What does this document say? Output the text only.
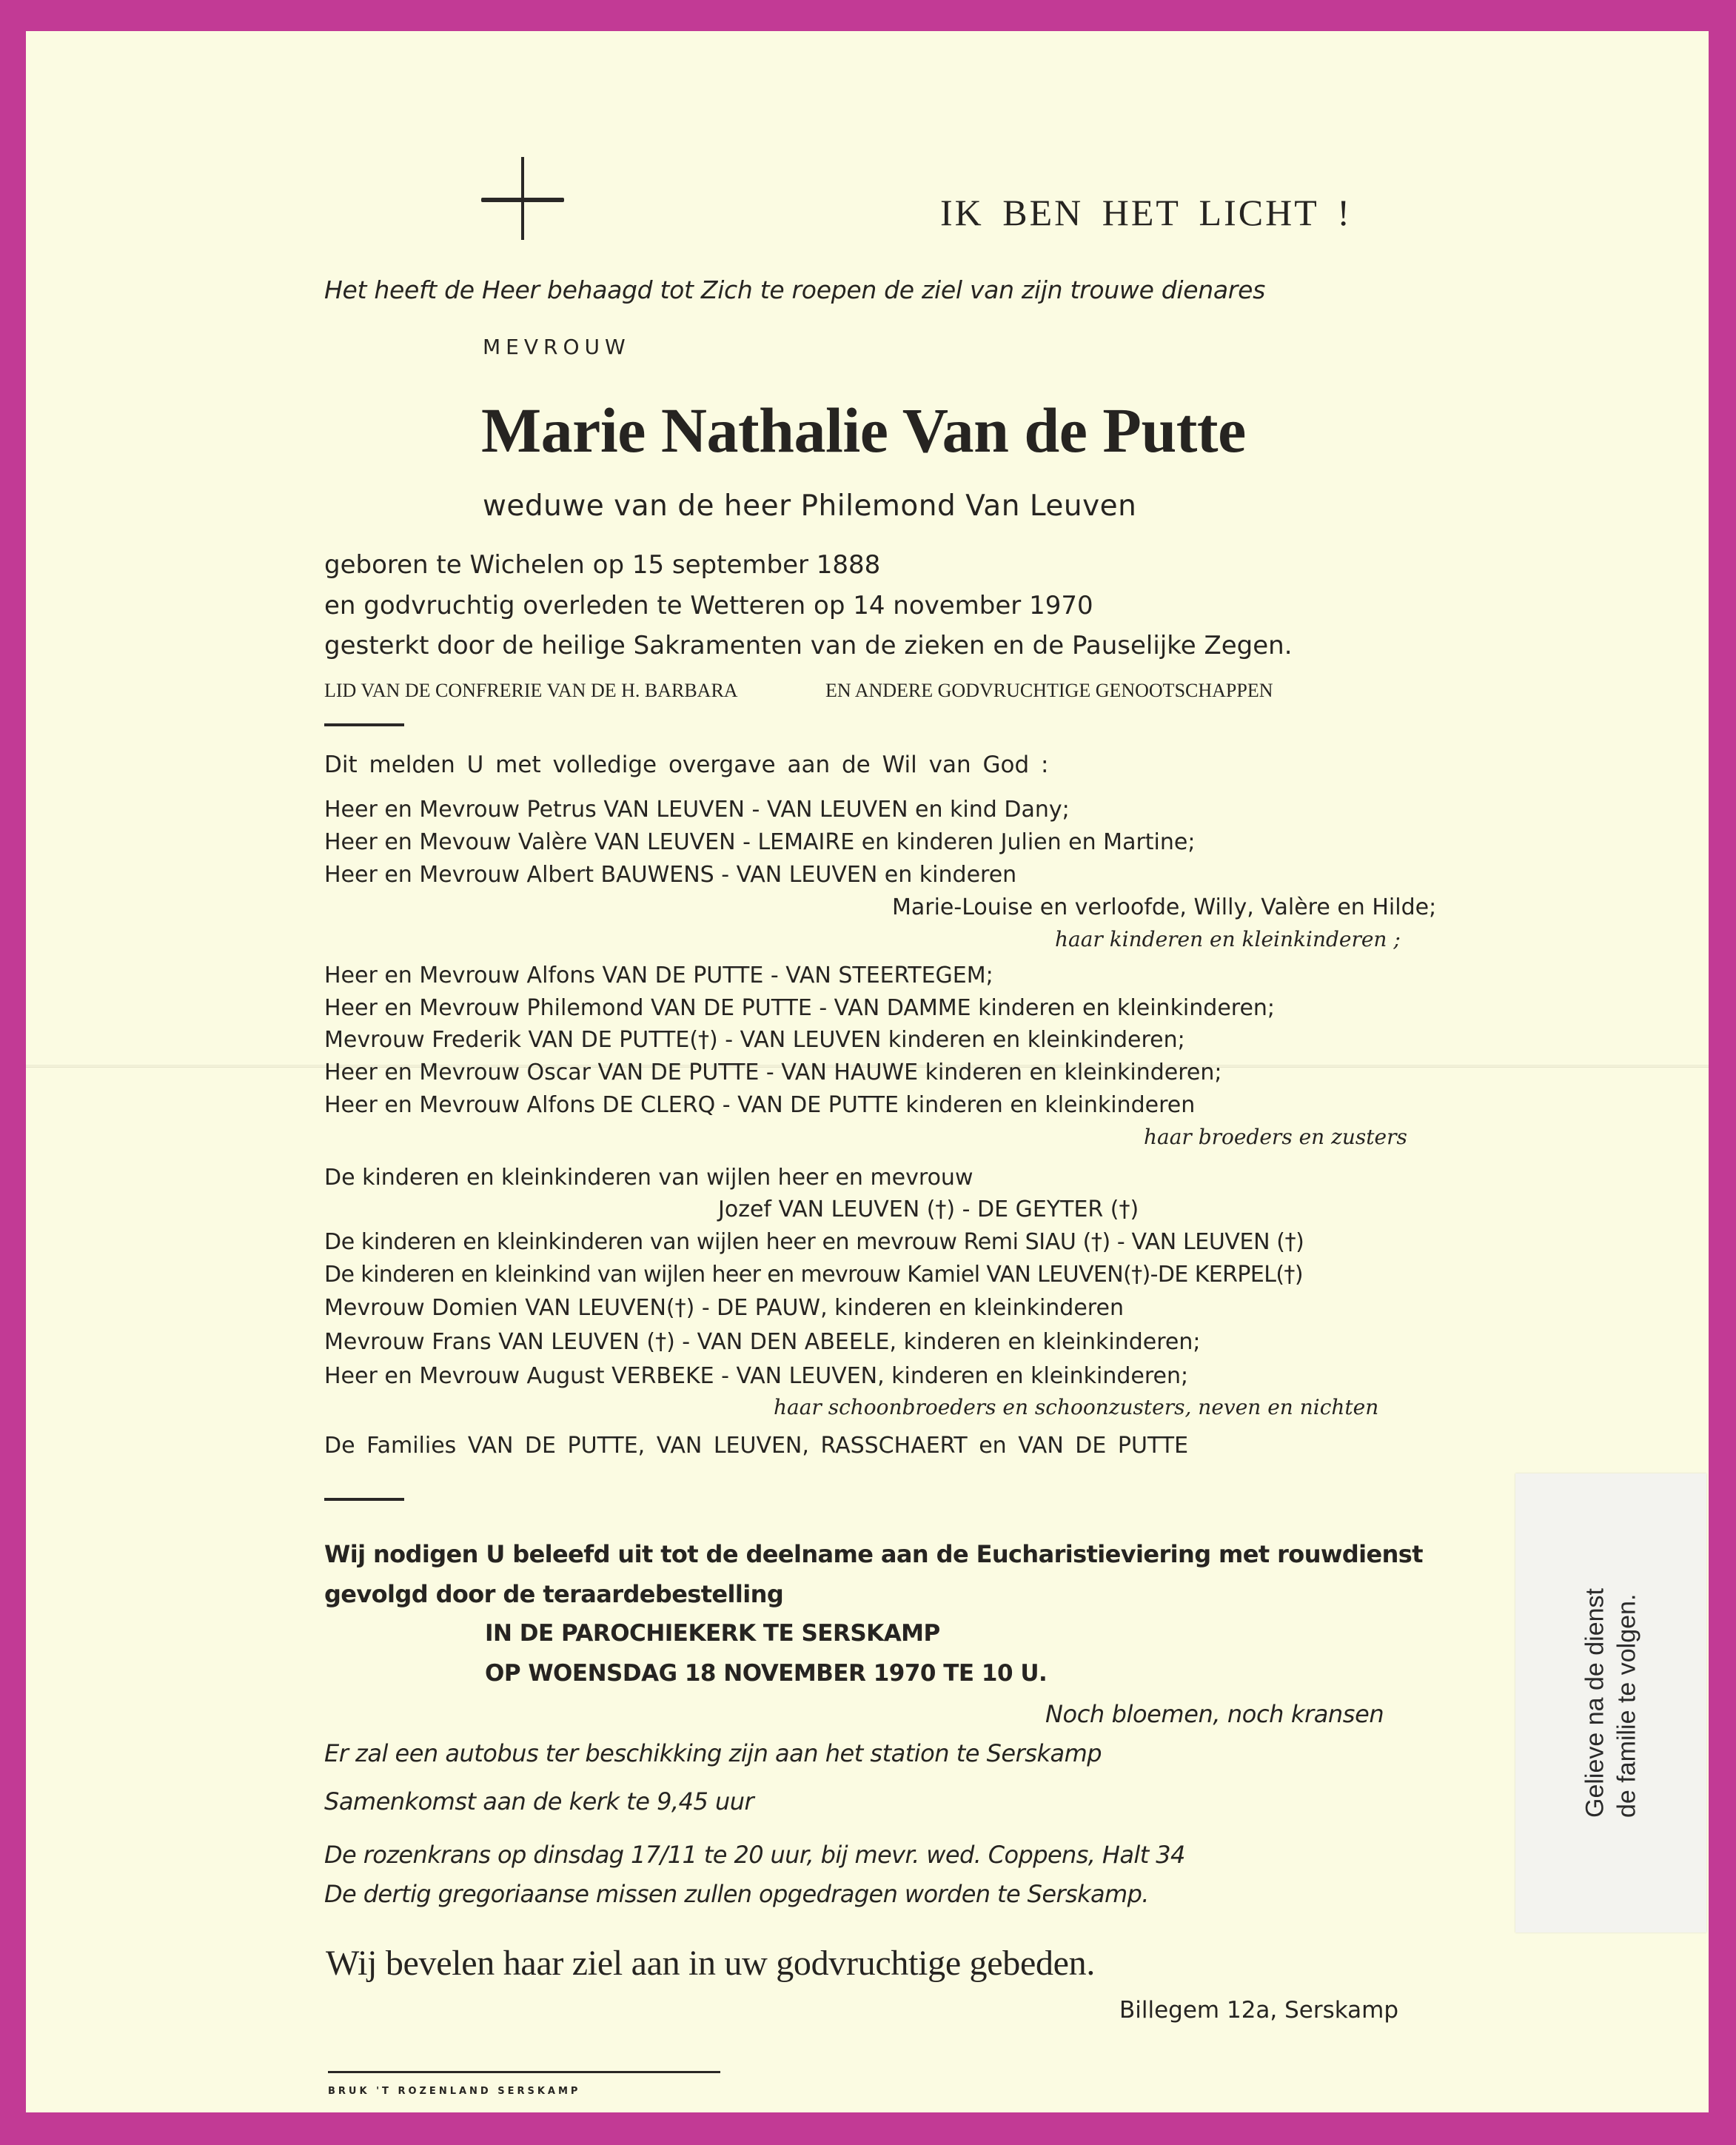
IK BEN HET LICHT !
Het heeft de Heer behaagd tot Zich te roepen de ziel van zijn trouwe dienares
MEVROUW
Marie Nathalie Van de Putte
weduwe van de heer Philemond Van Leuven
geboren te Wichelen op 15 september 1888
en godvruchtig overleden te Wetteren op 14 november 1970
gesterkt door de heilige Sakramenten van de zieken en de Pauselijke Zegen.
LID VAN DE CONFRERIE VAN DE H. BARBARA	EN ANDERE GODVRUCHTIGE GENOOTSCHAPPEN
Dit melden U met volledige overgave aan de Wil van God :
Heer en Mevrouw Petrus VAN LEUVEN - VAN LEUVEN en kind Dany;
Heer en Mevouw Valère VAN LEUVEN - LEMAIRE en kinderen Julien en Martine;
Heer en Mevrouw Albert BAUWENS - VAN LEUVEN en kinderen
Marie-Louise en verloofde, Willy, Valère en Hilde;
haar kinderen en kleinkinderen ;
Heer en Mevrouw Alfons VAN DE PUTTE - VAN STEERTEGEM;
Heer en Mevrouw Philemond VAN DE PUTTE - VAN DAMME kinderen en kleinkinderen;
Mevrouw Frederik VAN DE PUTTE(†) - VAN LEUVEN kinderen en kleinkinderen;
Heer en Mevrouw Oscar VAN DE PUTTE - VAN HAUWE kinderen en kleinkinderen;
Heer en Mevrouw Alfons DE CLERQ - VAN DE PUTTE kinderen en kleinkinderen
haar broeders en zusters
De kinderen en kleinkinderen van wijlen heer en mevrouw
Jozef VAN LEUVEN (†) - DE GEYTER (†)
De kinderen en kleinkinderen van wijlen heer en mevrouw Remi SIAU (†) - VAN LEUVEN (†)
De kinderen en kleinkind van wijlen heer en mevrouw Kamiel VAN LEUVEN(†)-DE KERPEL(†)
Mevrouw Domien VAN LEUVEN(†) - DE PAUW, kinderen en kleinkinderen
Mevrouw Frans VAN LEUVEN (†) - VAN DEN ABEELE, kinderen en kleinkinderen;
Heer en Mevrouw August VERBEKE - VAN LEUVEN, kinderen en kleinkinderen;
haar schoonbroeders en schoonzusters, neven en nichten
De Families VAN DE PUTTE, VAN LEUVEN, RASSCHAERT en VAN DE PUTTE
Wij nodigen U beleefd uit tot de deelname aan de Eucharistieviering met rouwdienst
gevolgd door de teraardebestelling
IN DE PAROCHIEKERK TE SERSKAMP
OP WOENSDAG 18 NOVEMBER 1970 TE 10 U.
Noch bloemen, noch kransen
Er zal een autobus ter beschikking zijn aan het station te Serskamp
Samenkomst aan de kerk te 9,45 uur
De rozenkrans op dinsdag 17/11 te 20 uur, bij mevr. wed. Coppens, Halt 34
De dertig gregoriaanse missen zullen opgedragen worden te Serskamp.
Wij bevelen haar ziel aan in uw godvruchtige gebeden.
Billegem 12a, Serskamp
BRUK 'T ROZENLAND SERSKAMP
Gelieve na de dienst de familie te volgen.
